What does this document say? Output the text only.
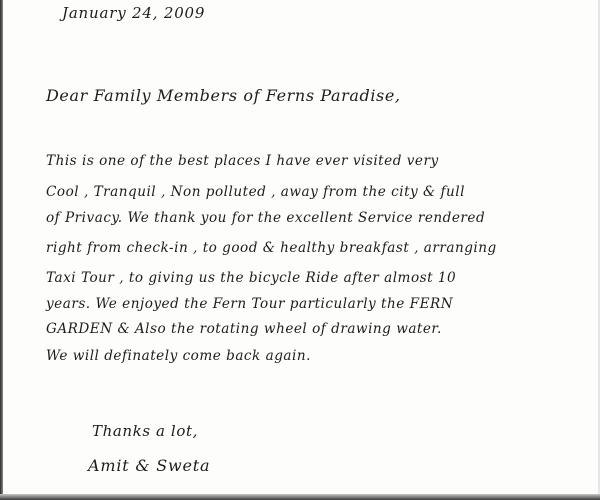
January 24, 2009
Dear Family Members of Ferns Paradise,
This is one of the best places I have ever visited very
Cool , Tranquil , Non polluted , away from the city & full
of Privacy. We thank you for the excellent Service rendered
right from check-in , to good & healthy breakfast , arranging
Taxi Tour , to giving us the bicycle Ride after almost 10
years. We enjoyed the Fern Tour particularly the FERN
GARDEN & Also the rotating wheel of drawing water.
We will definately come back again.
Thanks a lot,
Amit & Sweta
